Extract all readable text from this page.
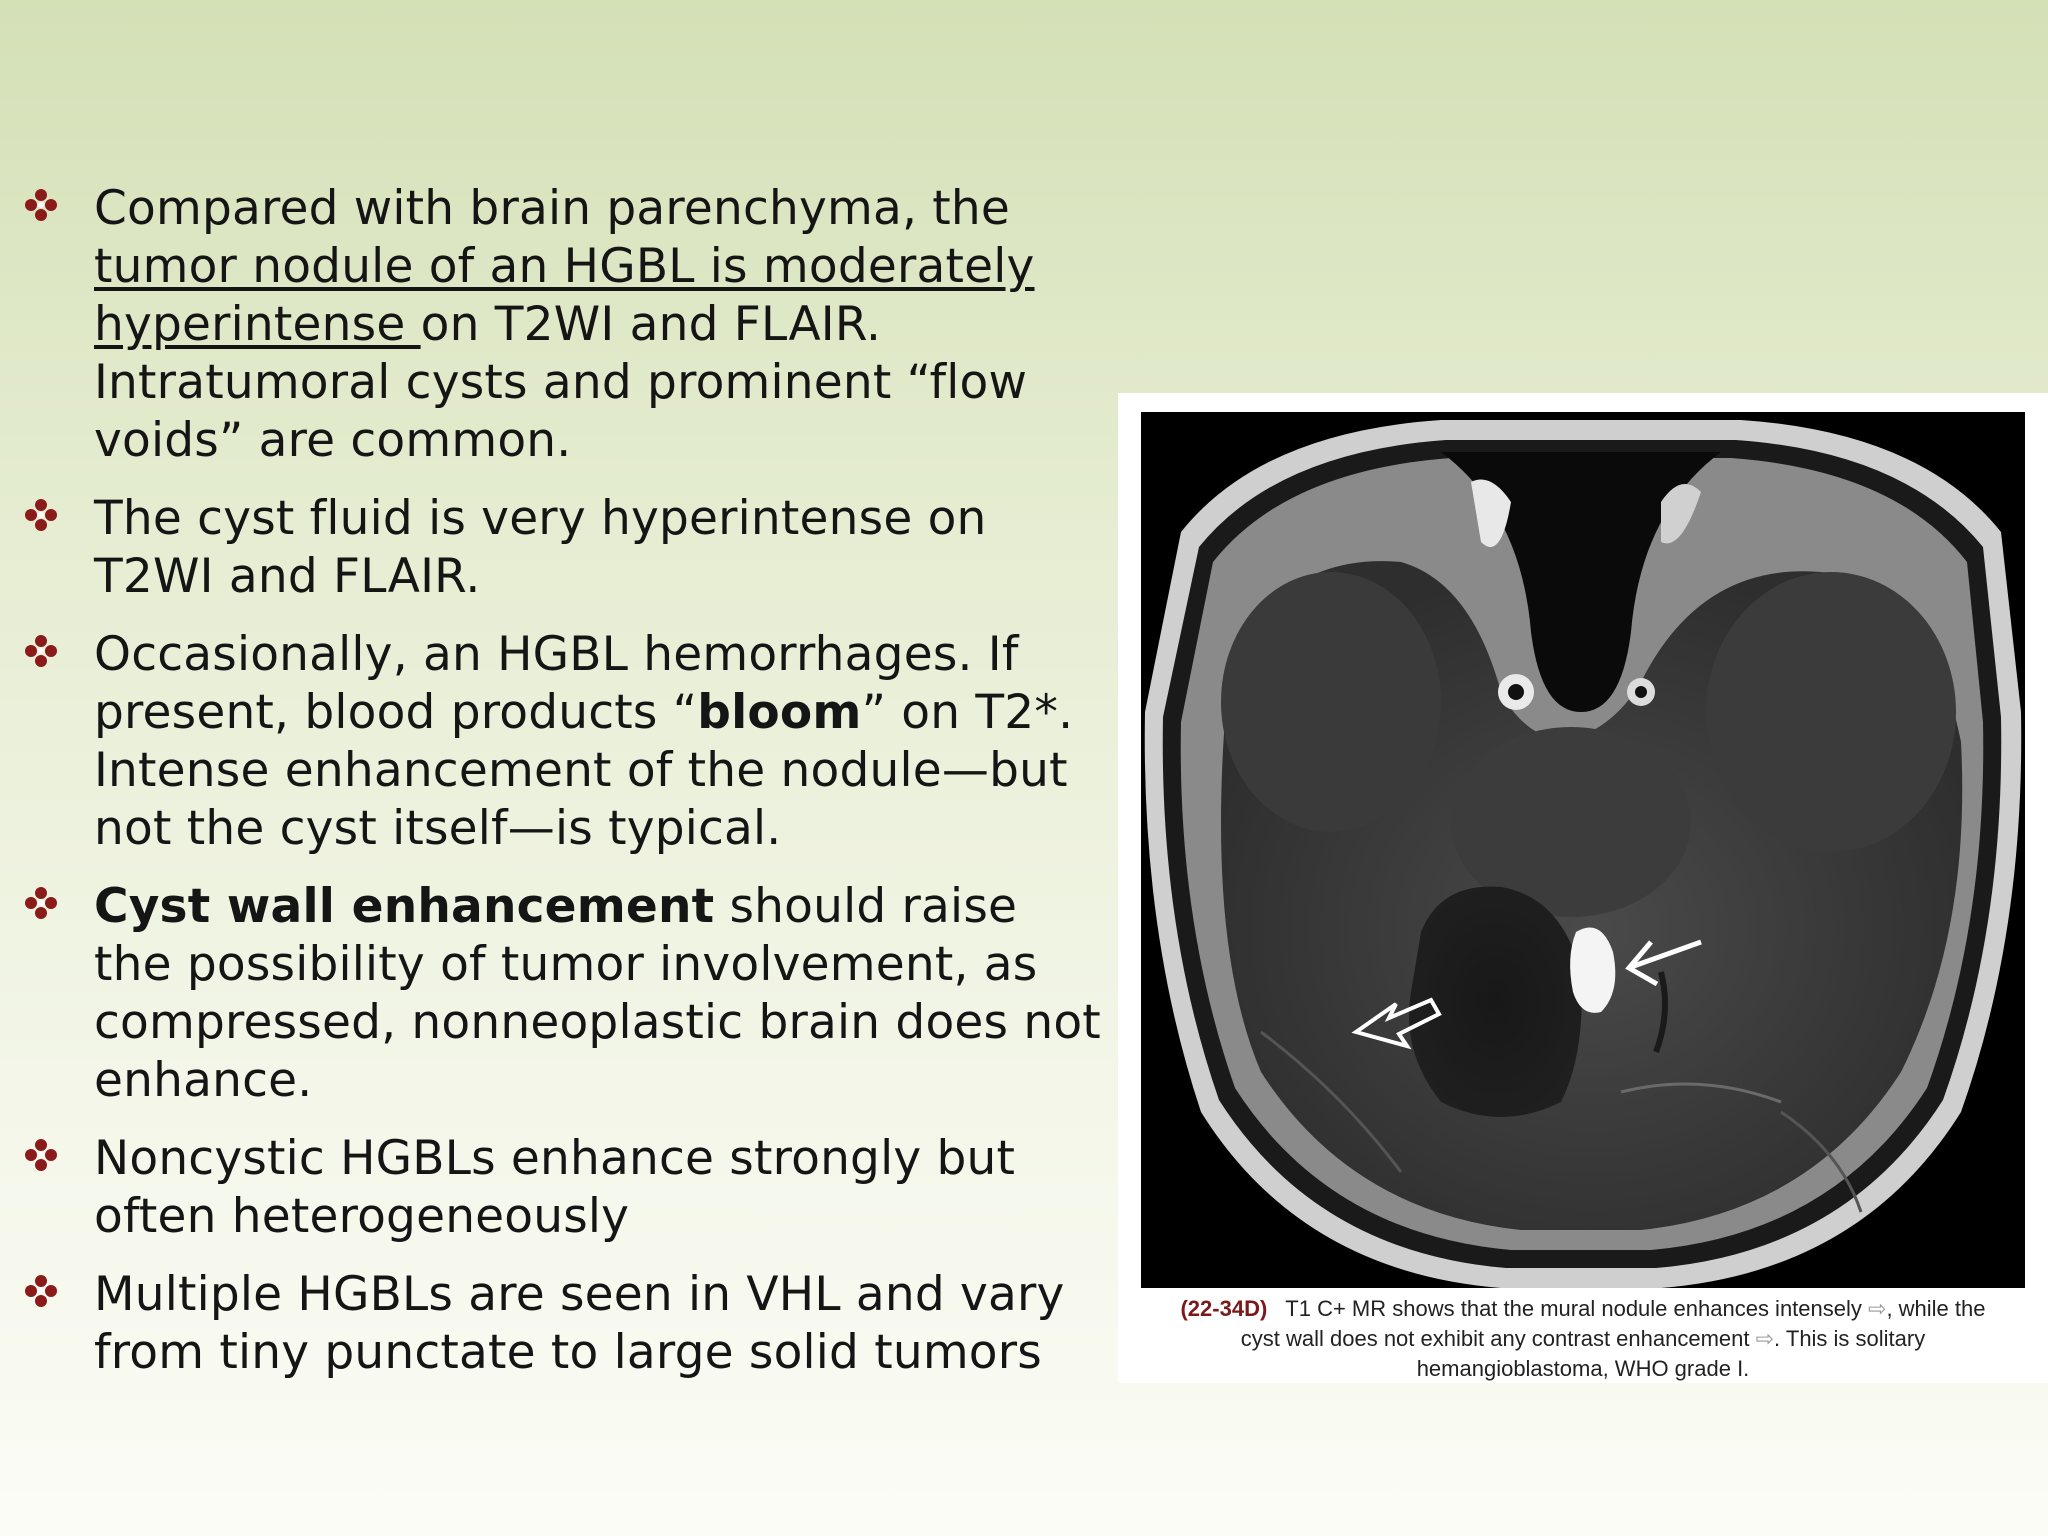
Compared with brain parenchyma, the tumor nodule of an HGBL is moderately hyperintense on T2WI and FLAIR. Intratumoral cysts and prominent “flow voids” are common.
The cyst fluid is very hyperintense on T2WI and FLAIR.
Occasionally, an HGBL hemorrhages. If present, blood products “bloom” on T2*. Intense enhancement of the nodule—but not the cyst itself—is typical.
Cyst wall enhancement should raise the possibility of tumor involvement, as compressed, nonneoplastic brain does not enhance.
Noncystic HGBLs enhance strongly but often heterogeneously
Multiple HGBLs are seen in VHL and vary from tiny punctate to large solid tumors
(22-34D) T1 C+ MR shows that the mural nodule enhances intensely ⇨, while the cyst wall does not exhibit any contrast enhancement ⇨. This is solitary hemangioblastoma, WHO grade I.
